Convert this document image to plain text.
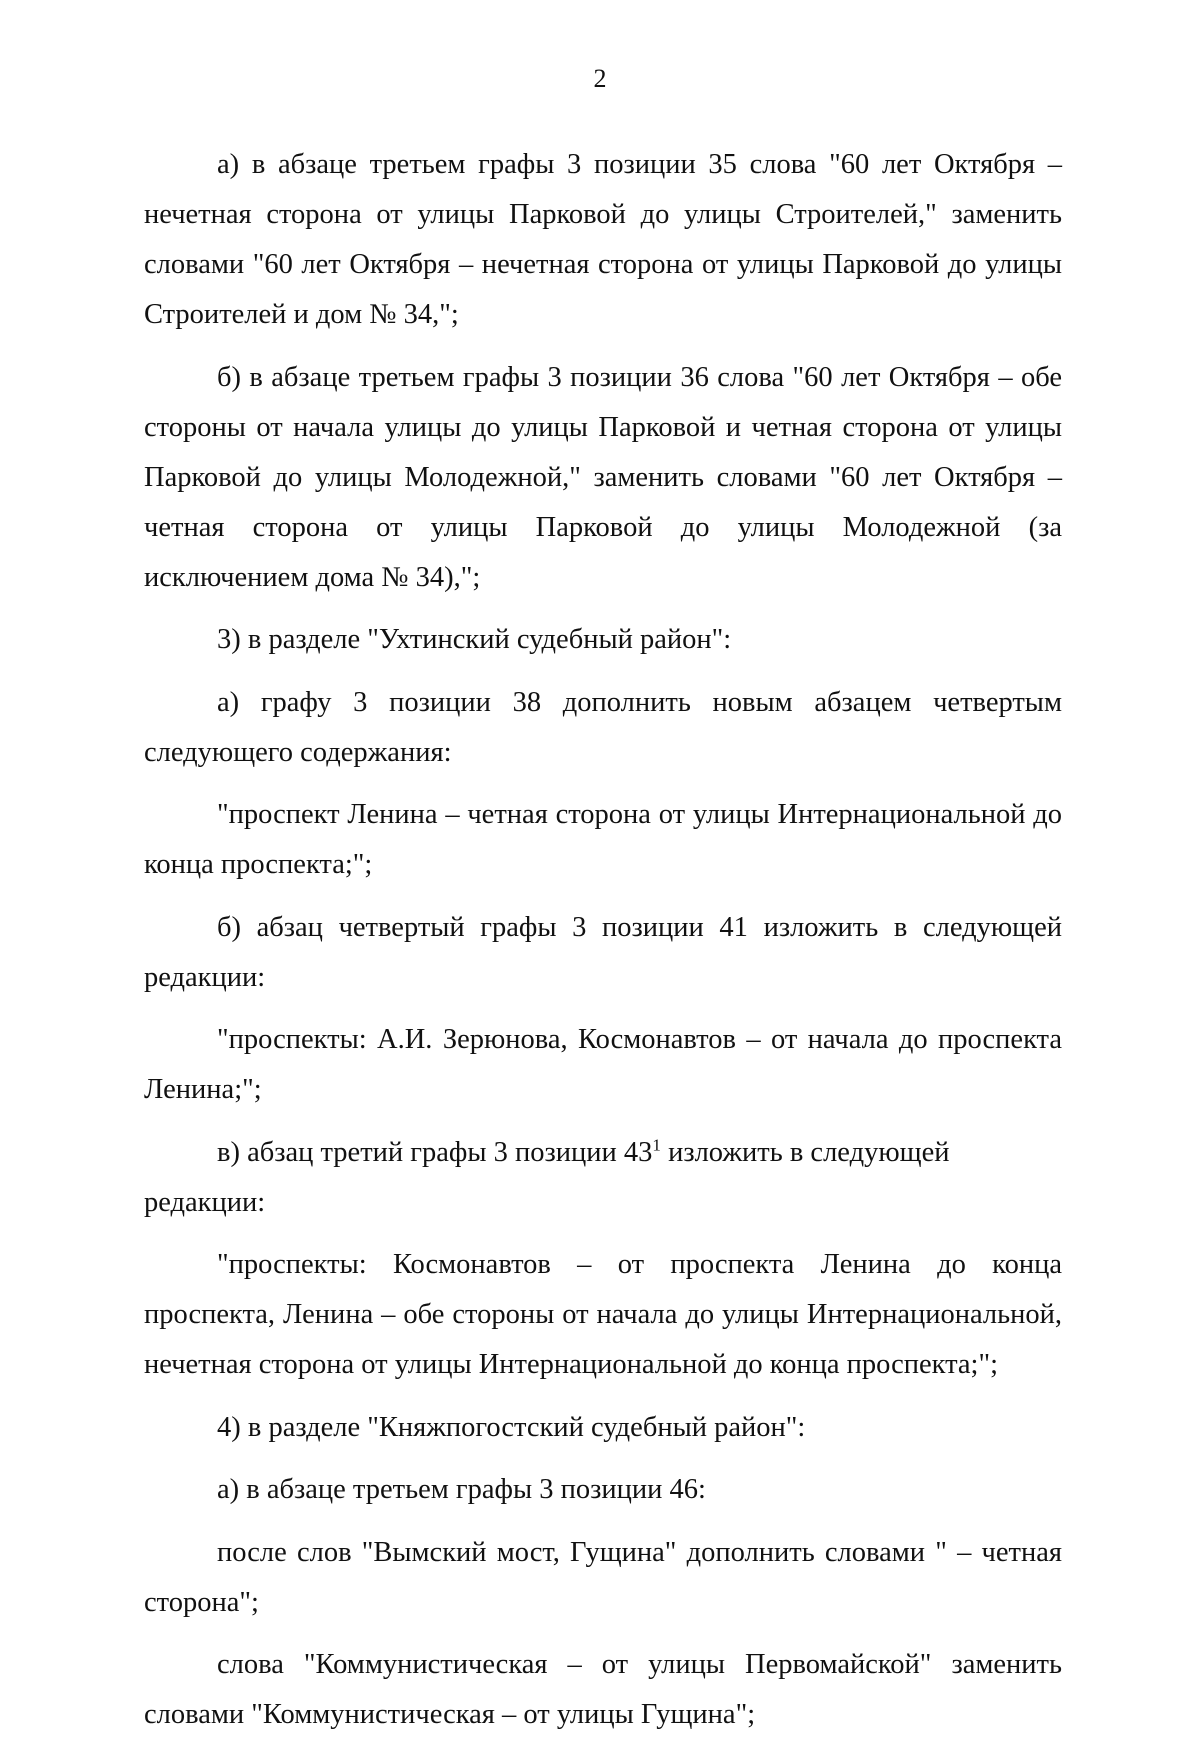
2

а) в абзаце третьем графы 3 позиции 35 слова "60 лет Октября – нечетная сторона от улицы Парковой до улицы Строителей," заменить словами "60 лет Октября – нечетная сторона от улицы Парковой до улицы Строителей и дом № 34,";

б) в абзаце третьем графы 3 позиции 36 слова "60 лет Октября – обе стороны от начала улицы до улицы Парковой и четная сторона от улицы Парковой до улицы Молодежной," заменить словами "60 лет Октября – четная сторона от улицы Парковой до улицы Молодежной (за исключением дома № 34),";

3) в разделе "Ухтинский судебный район":

а) графу 3 позиции 38 дополнить новым абзацем четвертым следующего содержания:

"проспект Ленина – четная сторона от улицы Интернациональной до конца проспекта;";

б) абзац четвертый графы 3 позиции 41 изложить в следующей редакции:

"проспекты: А.И. Зерюнова, Космонавтов – от начала до проспекта Ленина;";

в) абзац третий графы 3 позиции $43^1$ изложить в следующей редакции:

"проспекты: Космонавтов – от проспекта Ленина до конца проспекта, Ленина – обе стороны от начала до улицы Интернациональной, нечетная сторона от улицы Интернациональной до конца проспекта;";

4) в разделе "Княжпогостский судебный район":

а) в абзаце третьем графы 3 позиции 46:

после слов "Вымский мост, Гущина" дополнить словами " – четная сторона";

слова "Коммунистическая – от улицы Первомайской" заменить словами "Коммунистическая – от улицы Гущина";
